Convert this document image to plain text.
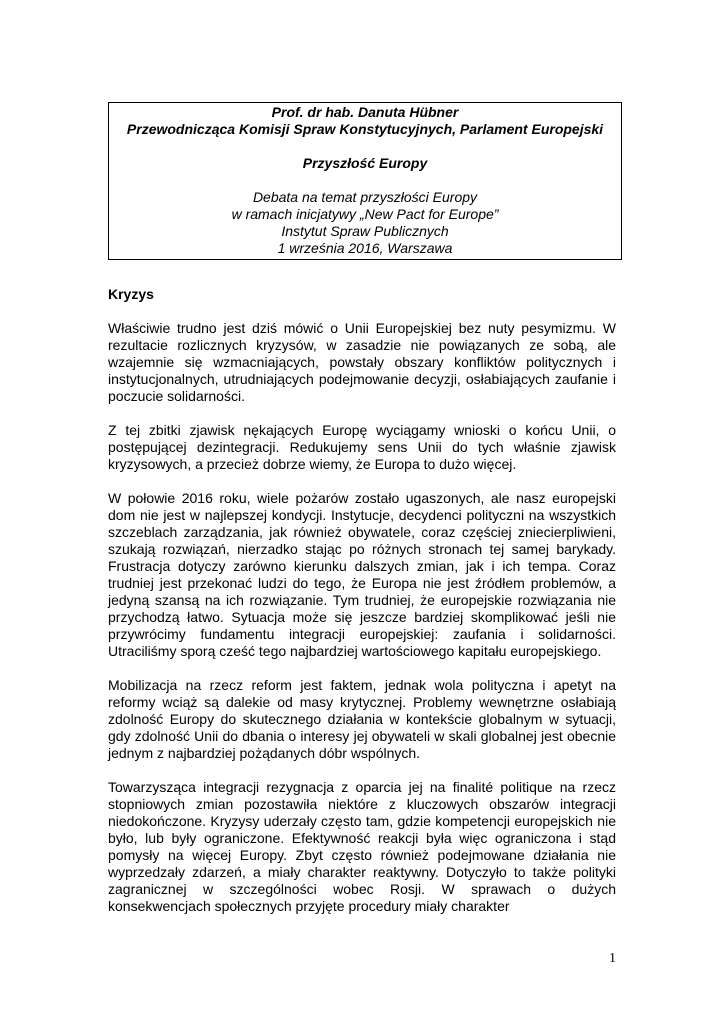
Prof. dr hab. Danuta Hübner
Przewodnicząca Komisji Spraw Konstytucyjnych, Parlament Europejski
Przyszłość Europy
Debata na temat przyszłości Europy
w ramach inicjatywy „New Pact for Europe”
Instytut Spraw Publicznych
1 września 2016, Warszawa

Kryzys

Właściwie trudno jest dziś mówić o Unii Europejskiej bez nuty pesymizmu. W rezultacie rozlicznych kryzysów, w zasadzie nie powiązanych ze sobą, ale wzajemnie się wzmacniających, powstały obszary konfliktów politycznych i instytucjonalnych, utrudniających podejmowanie decyzji, osłabiających zaufanie i poczucie solidarności.

Z tej zbitki zjawisk nękających Europę wyciągamy wnioski o końcu Unii, o postępującej dezintegracji. Redukujemy sens Unii do tych właśnie zjawisk kryzysowych, a przecież dobrze wiemy, że Europa to dużo więcej.

W połowie 2016 roku, wiele pożarów zostało ugaszonych, ale nasz europejski dom nie jest w najlepszej kondycji. Instytucje, decydenci polityczni na wszystkich szczeblach zarządzania, jak również obywatele, coraz częściej zniecierpliwieni, szukają rozwiązań, nierzadko stając po różnych stronach tej samej barykady. Frustracja dotyczy zarówno kierunku dalszych zmian, jak i ich tempa. Coraz trudniej jest przekonać ludzi do tego, że Europa nie jest źródłem problemów, a jedyną szansą na ich rozwiązanie. Tym trudniej, że europejskie rozwiązania nie przychodzą łatwo. Sytuacja może się jeszcze bardziej skomplikować jeśli nie przywrócimy fundamentu integracji europejskiej: zaufania i solidarności. Utraciliśmy sporą cześć tego najbardziej wartościowego kapitału europejskiego.

Mobilizacja na rzecz reform jest faktem, jednak wola polityczna i apetyt na reformy wciąż są dalekie od masy krytycznej. Problemy wewnętrzne osłabiają zdolność Europy do skutecznego działania w kontekście globalnym w sytuacji, gdy zdolność Unii do dbania o interesy jej obywateli w skali globalnej jest obecnie jednym z najbardziej pożądanych dóbr wspólnych.

Towarzysząca integracji rezygnacja z oparcia jej na finalité politique na rzecz stopniowych zmian pozostawiła niektóre z kluczowych obszarów integracji niedokończone. Kryzysy uderzały często tam, gdzie kompetencji europejskich nie było, lub były ograniczone. Efektywność reakcji była więc ograniczona i stąd pomysły na więcej Europy. Zbyt często również podejmowane działania nie wyprzedzały zdarzeń, a miały charakter reaktywny. Dotyczyło to także polityki zagranicznej w szczególności wobec Rosji. W sprawach o dużych konsekwencjach społecznych przyjęte procedury miały charakter

1
